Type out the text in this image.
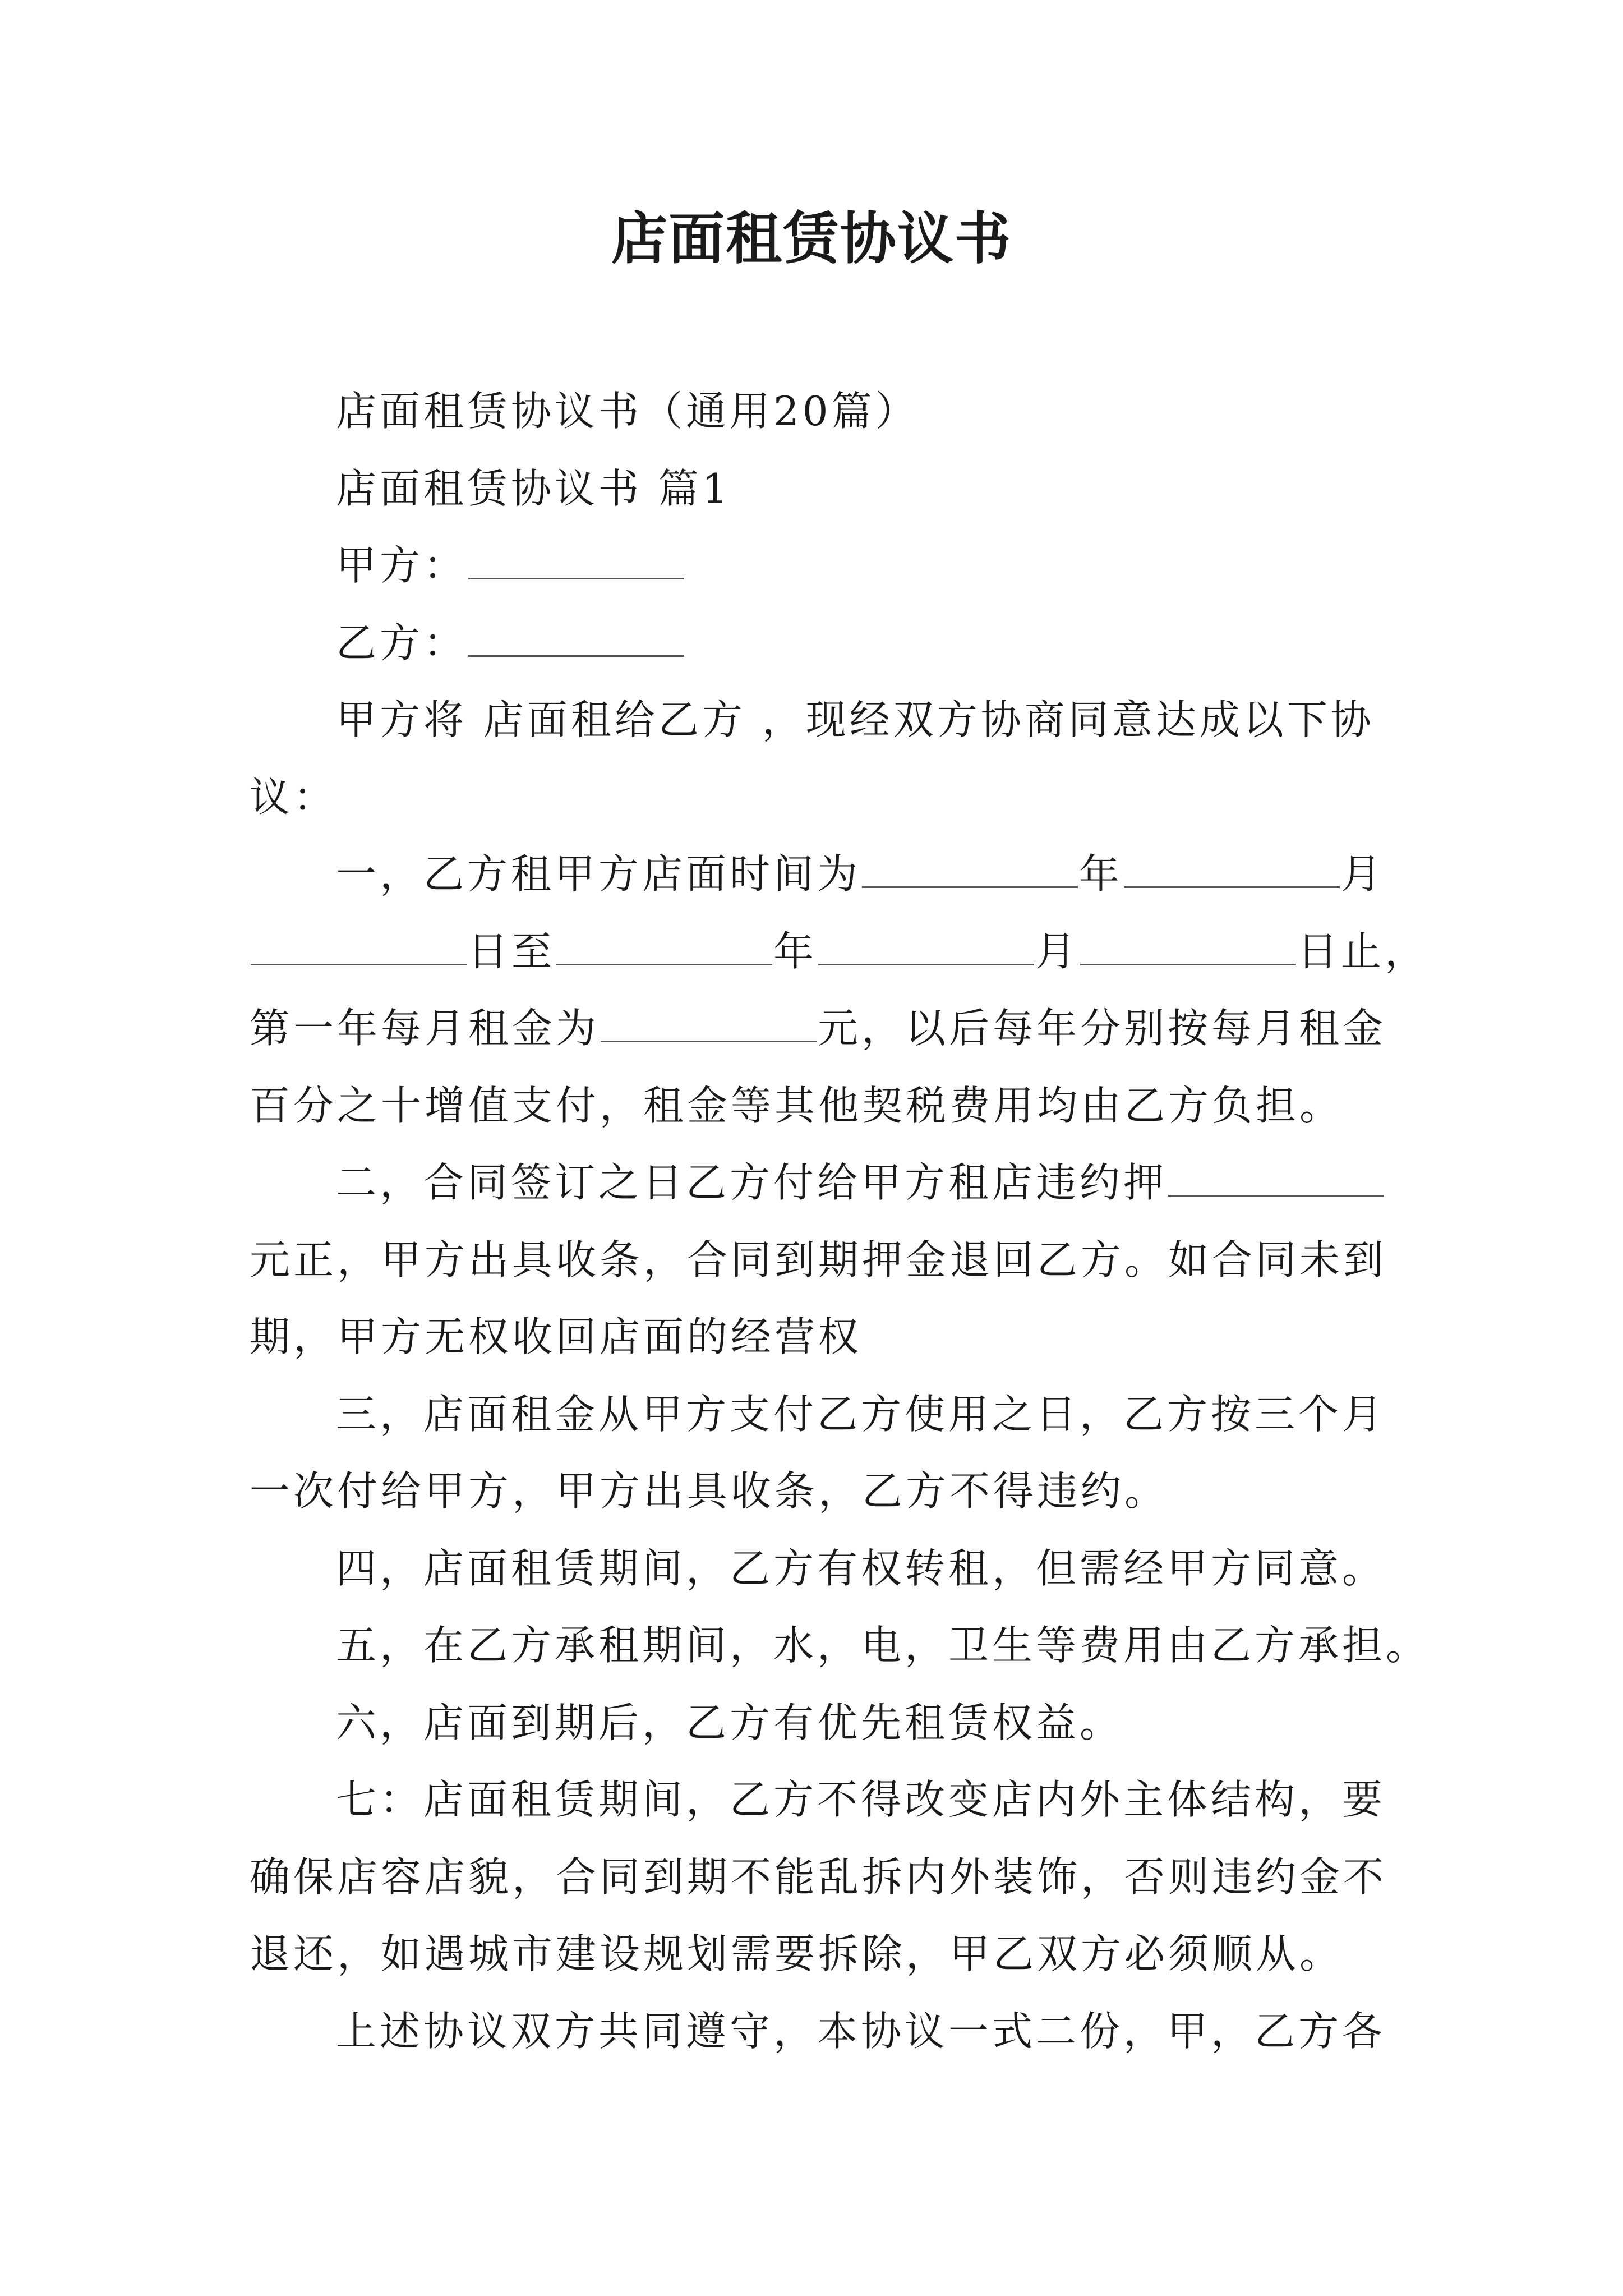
店面租赁协议书
店面租赁协议书（通用20篇）
店面租赁协议书 篇1
甲方：
乙方：
甲方将 店面租给乙方 ，现经双方协商同意达成以下协
议：
一，乙方租甲方店面时间为	年	月
日至	年	月	日止，
第一年每月租金为	元，以后每年分别按每月租金
百分之十增值支付，租金等其他契税费用均由乙方负担。
二，合同签订之日乙方付给甲方租店违约押
元正，甲方出具收条，合同到期押金退回乙方。如合同未到
期，甲方无权收回店面的经营权
三，店面租金从甲方支付乙方使用之日，乙方按三个月
一次付给甲方，甲方出具收条，乙方不得违约。
四，店面租赁期间，乙方有权转租，但需经甲方同意。
五，在乙方承租期间，水，电，卫生等费用由乙方承担。
六，店面到期后，乙方有优先租赁权益。
七：店面租赁期间，乙方不得改变店内外主体结构，要
确保店容店貌，合同到期不能乱拆内外装饰，否则违约金不
退还，如遇城市建设规划需要拆除，甲乙双方必须顺从。
上述协议双方共同遵守，本协议一式二份，甲，乙方各
